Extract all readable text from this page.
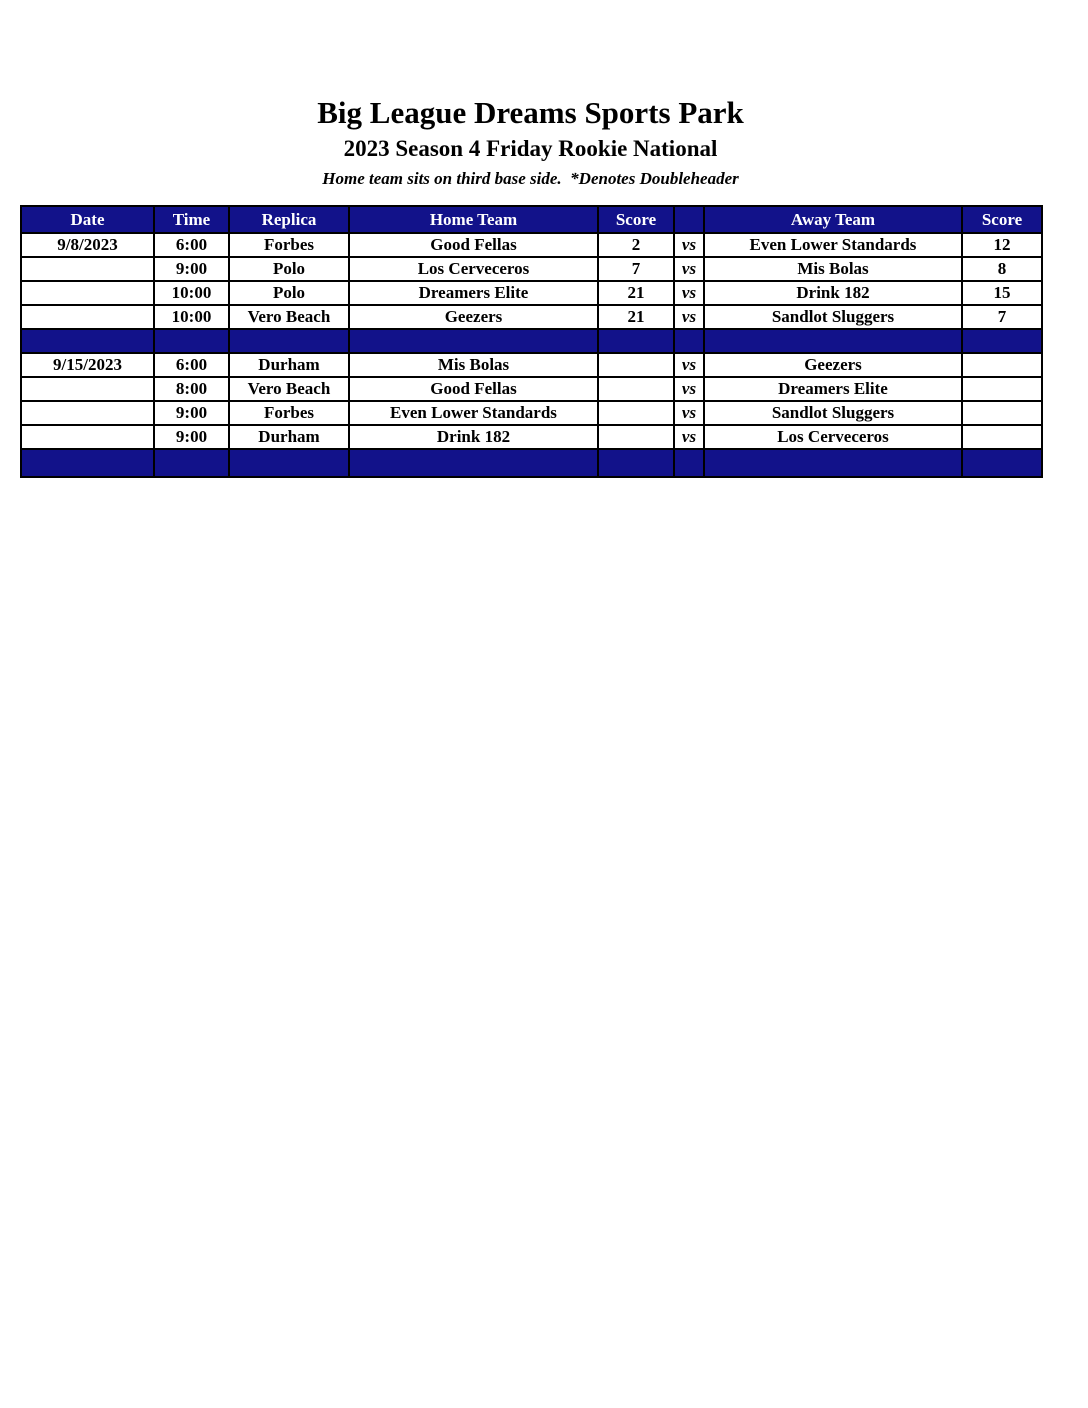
Big League Dreams Sports Park
2023 Season 4 Friday Rookie National
Home team sits on third base side.  *Denotes Doubleheader
Date	Time	Replica	Home Team	Score		Away Team	Score
9/8/2023	6:00	Forbes	Good Fellas	2	vs	Even Lower Standards	12
	9:00	Polo	Los Cerveceros	7	vs	Mis Bolas	8
	10:00	Polo	Dreamers Elite	21	vs	Drink 182	15
	10:00	Vero Beach	Geezers	21	vs	Sandlot Sluggers	7

9/15/2023	6:00	Durham	Mis Bolas		vs	Geezers	
	8:00	Vero Beach	Good Fellas		vs	Dreamers Elite	
	9:00	Forbes	Even Lower Standards		vs	Sandlot Sluggers	
	9:00	Durham	Drink 182		vs	Los Cerveceros	
